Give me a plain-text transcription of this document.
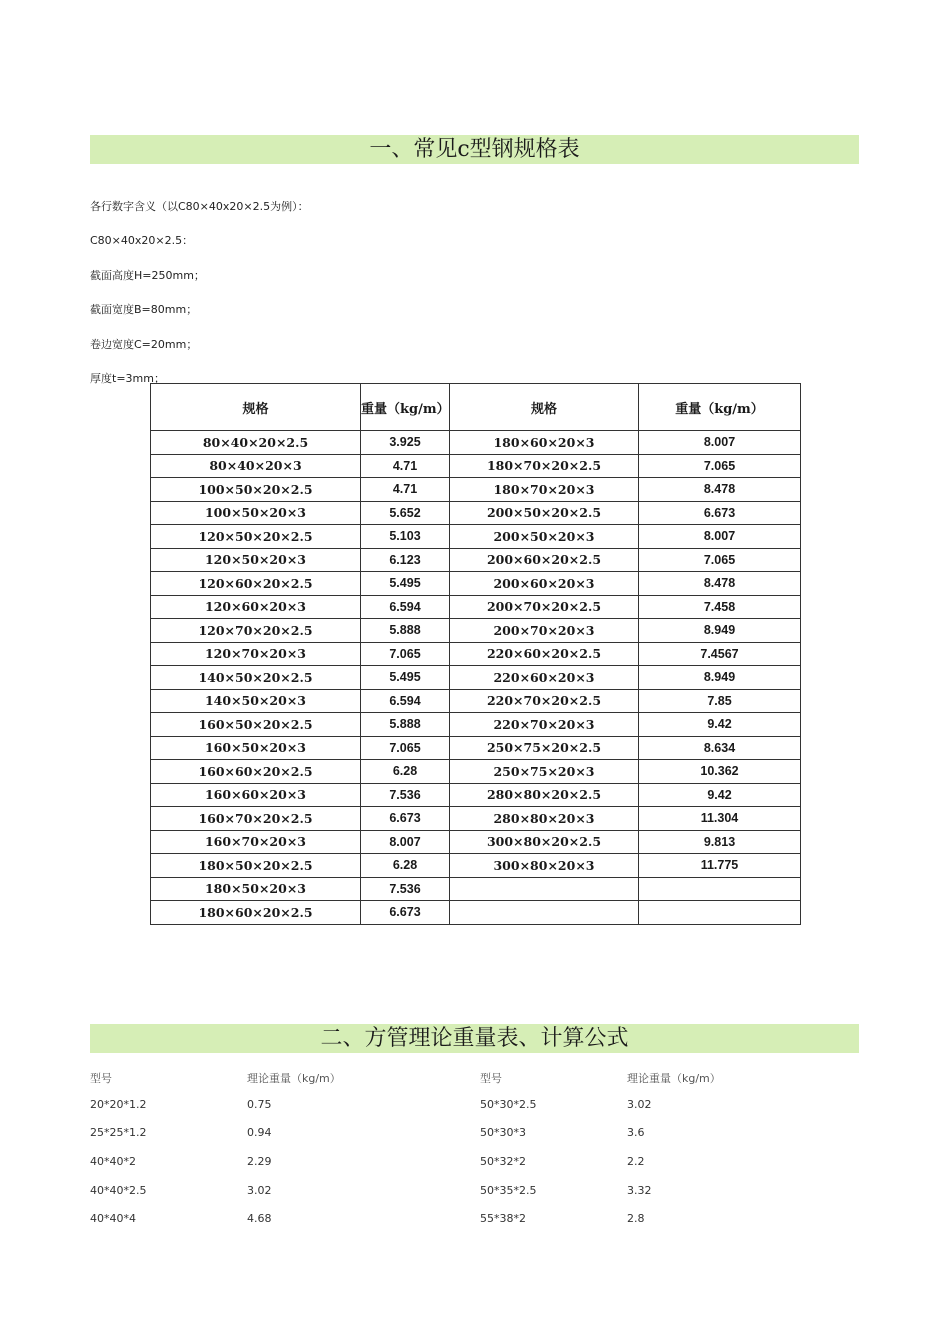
一、常见c型钢规格表
各行数字含义（以C80×40x20×2.5为例）：
C80×40x20×2.5：
截面高度H=250mm；
截面宽度B=80mm；
卷边宽度C=20mm；
厚度t=3mm；
规格	重量（kg/m）	规格	重量（kg/m）
80×40×20×2.5	3.925	180×60×20×3	8.007
80×40×20×3	4.71	180×70×20×2.5	7.065
100×50×20×2.5	4.71	180×70×20×3	8.478
100×50×20×3	5.652	200×50×20×2.5	6.673
120×50×20×2.5	5.103	200×50×20×3	8.007
120×50×20×3	6.123	200×60×20×2.5	7.065
120×60×20×2.5	5.495	200×60×20×3	8.478
120×60×20×3	6.594	200×70×20×2.5	7.458
120×70×20×2.5	5.888	200×70×20×3	8.949
120×70×20×3	7.065	220×60×20×2.5	7.4567
140×50×20×2.5	5.495	220×60×20×3	8.949
140×50×20×3	6.594	220×70×20×2.5	7.85
160×50×20×2.5	5.888	220×70×20×3	9.42
160×50×20×3	7.065	250×75×20×2.5	8.634
160×60×20×2.5	6.28	250×75×20×3	10.362
160×60×20×3	7.536	280×80×20×2.5	9.42
160×70×20×2.5	6.673	280×80×20×3	11.304
160×70×20×3	8.007	300×80×20×2.5	9.813
180×50×20×2.5	6.28	300×80×20×3	11.775
180×50×20×3	7.536		
180×60×20×2.5	6.673		
二、方管理论重量表、计算公式
型号	理论重量（kg/m）	型号	理论重量（kg/m）
20*20*1.2	0.75	50*30*2.5	3.02
25*25*1.2	0.94	50*30*3	3.6
40*40*2	2.29	50*32*2	2.2
40*40*2.5	3.02	50*35*2.5	3.32
40*40*4	4.68	55*38*2	2.8
